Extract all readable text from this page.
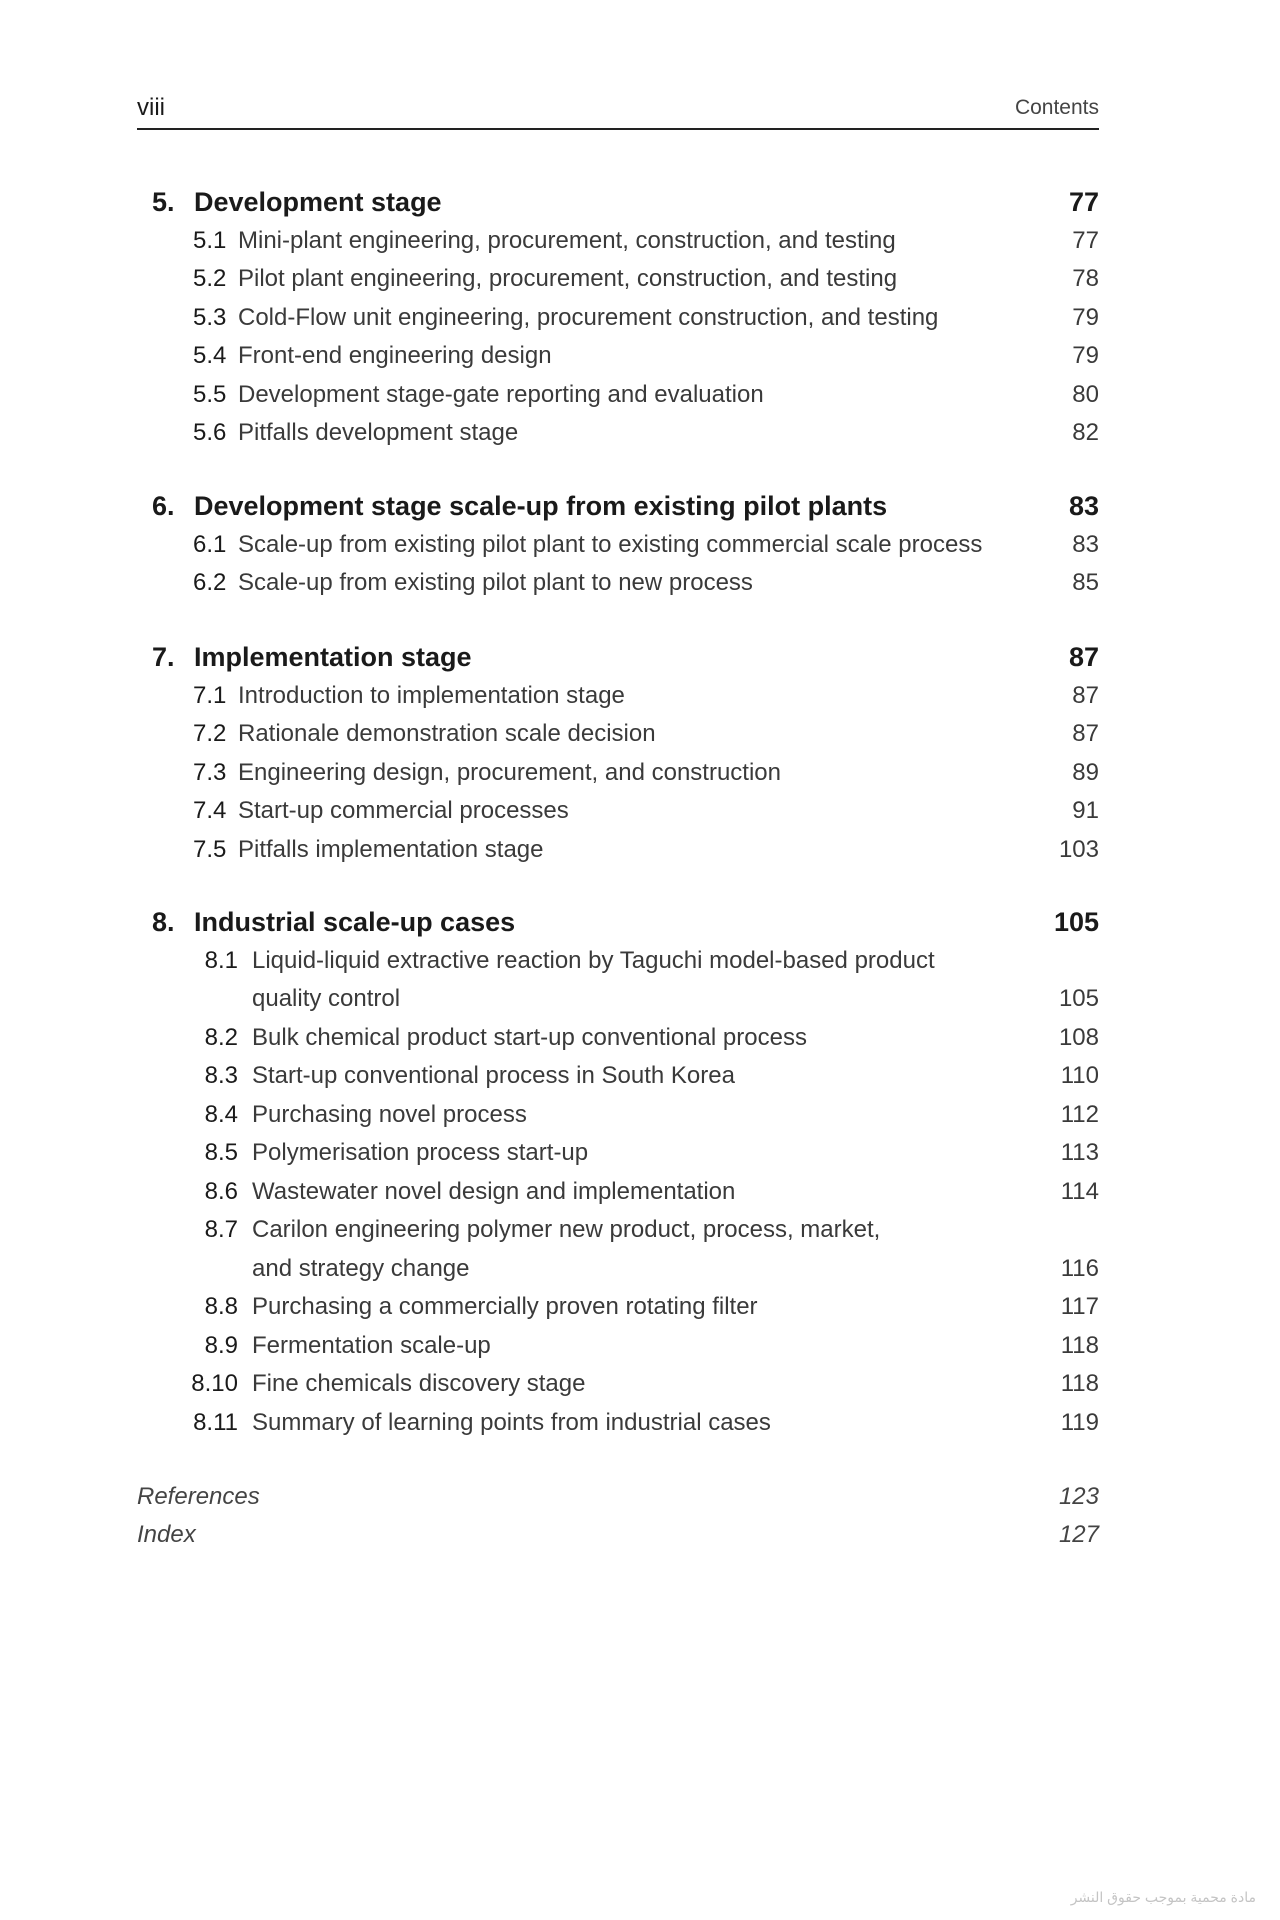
viii	Contents
5. Development stage	77
5.1 Mini-plant engineering, procurement, construction, and testing	77
5.2 Pilot plant engineering, procurement, construction, and testing	78
5.3 Cold-Flow unit engineering, procurement construction, and testing	79
5.4 Front-end engineering design	79
5.5 Development stage-gate reporting and evaluation	80
5.6 Pitfalls development stage	82
6. Development stage scale-up from existing pilot plants	83
6.1 Scale-up from existing pilot plant to existing commercial scale process	83
6.2 Scale-up from existing pilot plant to new process	85
7. Implementation stage	87
7.1 Introduction to implementation stage	87
7.2 Rationale demonstration scale decision	87
7.3 Engineering design, procurement, and construction	89
7.4 Start-up commercial processes	91
7.5 Pitfalls implementation stage	103
8. Industrial scale-up cases	105
8.1 Liquid-liquid extractive reaction by Taguchi model-based product
quality control	105
8.2 Bulk chemical product start-up conventional process	108
8.3 Start-up conventional process in South Korea	110
8.4 Purchasing novel process	112
8.5 Polymerisation process start-up	113
8.6 Wastewater novel design and implementation	114
8.7 Carilon engineering polymer new product, process, market,
and strategy change	116
8.8 Purchasing a commercially proven rotating filter	117
8.9 Fermentation scale-up	118
8.10 Fine chemicals discovery stage	118
8.11 Summary of learning points from industrial cases	119
References	123
Index	127
مادة محمية بموجب حقوق النشر
